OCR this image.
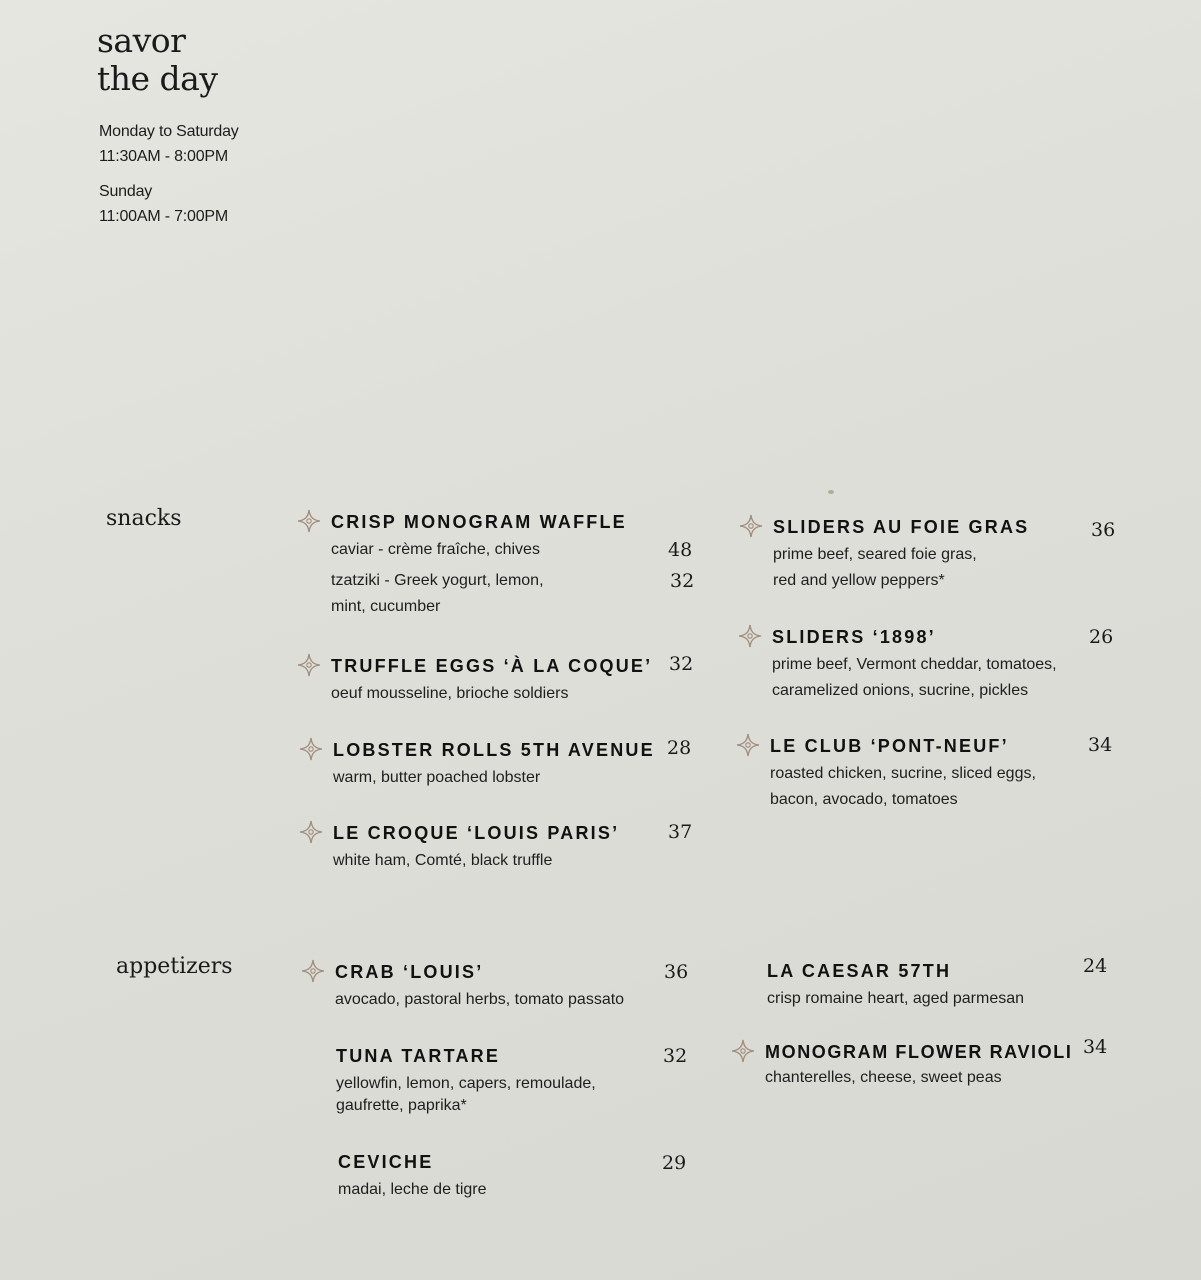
savor
the day
Monday to Saturday
11:30AM - 8:00PM
Sunday
11:00AM - 7:00PM
snacks	CRISP MONOGRAM WAFFLE
caviar - crème fraîche, chives
tzatziki - Greek yogurt, lemon,
mint, cucumber
48
32
TRUFFLE EGGS ‘À LA COQUE’
oeuf mousseline, brioche soldiers
32
LOBSTER ROLLS 5TH AVENUE
warm, butter poached lobster
28
LE CROQUE ‘LOUIS PARIS’
white ham, Comté, black truffle
37
SLIDERS AU FOIE GRAS
prime beef, seared foie gras,
red and yellow peppers*
36
SLIDERS ‘1898’
prime beef, Vermont cheddar, tomatoes,
caramelized onions, sucrine, pickles
26
LE CLUB ‘PONT-NEUF’
roasted chicken, sucrine, sliced eggs,
bacon, avocado, tomatoes
34
appetizers	CRAB ‘LOUIS’
avocado, pastoral herbs, tomato passato
36
TUNA TARTARE
yellowfin, lemon, capers, remoulade,
gaufrette, paprika*
32
CEVICHE
madai, leche de tigre
29
LA CAESAR 57TH
crisp romaine heart, aged parmesan
24
MONOGRAM FLOWER RAVIOLI
chanterelles, cheese, sweet peas
34
